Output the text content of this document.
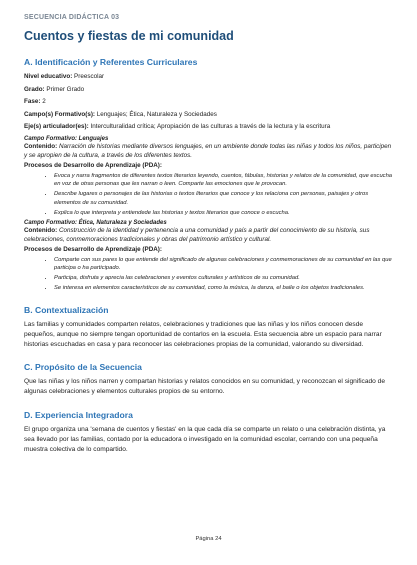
SECUENCIA DIDÁCTICA 03
Cuentos y fiestas de mi comunidad
A. Identificación y Referentes Curriculares

Nivel educativo: Preescolar

Grado: Primer Grado

Fase: 2

Campo(s) Formativo(s): Lenguajes; Ética, Naturaleza y Sociedades

Eje(s) articulador(es): Interculturalidad crítica; Apropiación de las culturas a través de la lectura y la escritura

Campo Formativo: Lenguajes

Contenido: Narración de historias mediante diversos lenguajes, en un ambiente donde todas las niñas y todos los niños, participen y se apropien de la cultura, a través de los diferentes textos.

Procesos de Desarrollo de Aprendizaje (PDA):
• Evoca y narra fragmentos de diferentes textos literarios leyendo, cuentos, fábulas, historias y relatos de la comunidad, que escucha en voz de otras personas que les narran o leen. Comparte las emociones que le provocan.
• Describe lugares o personajes de las historias o textos literarios que conoce y los relaciona con personas, paisajes y otros elementos de su comunidad.
• Explica lo que interpreta y entiendede las historias y textos literarios que conoce o escucha.
Campo Formativo: Ética, Naturaleza y Sociedades

Contenido: Construcción de la identidad y pertenencia a una comunidad y país a partir del conocimiento de su historia, sus celebraciones, conmemoraciones tradicionales y obras del patrimonio artístico y cultural.

Procesos de Desarrollo de Aprendizaje (PDA):
• Comparte con sus pares lo que entiende del significado de algunas celebraciones y conmemoraciones de su comunidad en las que participa o ha participado.
• Participa, disfruta y aprecia las celebraciones y eventos culturales y artísticos de su comunidad.
• Se interesa en elementos característicos de su comunidad, como la música, la danza, el baile o los objetos tradicionales.
B. Contextualización

Las familias y comunidades comparten relatos, celebraciones y tradiciones que las niñas y los niños conocen desde pequeños, aunque no siempre tengan oportunidad de contarlos en la escuela. Esta secuencia abre un espacio para narrar historias escuchadas en casa y para reconocer las celebraciones propias de la comunidad, valorando su diversidad.

C. Propósito de la Secuencia

Que las niñas y los niños narren y compartan historias y relatos conocidos en su comunidad, y reconozcan el significado de algunas celebraciones y elementos culturales propios de su entorno.

D. Experiencia Integradora

El grupo organiza una 'semana de cuentos y fiestas' en la que cada día se comparte un relato o una celebración distinta, ya sea llevado por las familias, contado por la educadora o investigado en la comunidad escolar, cerrando con una pequeña muestra colectiva de lo compartido.

Página 24
